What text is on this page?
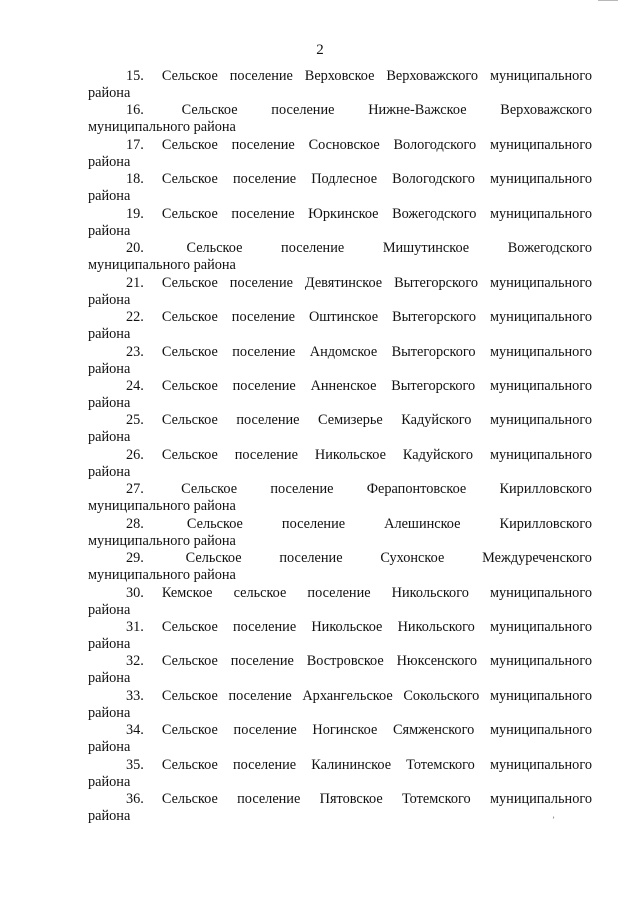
2
15. Сельское поселение Верховское Верховажского муниципального
района
16.	Сельское поселение Нижне-Важское Верховажского
муниципального района
17. Сельское поселение Сосновское Вологодского муниципального
района
18. Сельское поселение Подлесное Вологодского муниципального
района
19. Сельское поселение Юркинское Вожегодского муниципального
района
20.	Сельское	поселение	Мишутинское	Вожегодского
муниципального района
21. Сельское поселение Девятинское Вытегорского муниципального
района
22. Сельское поселение Оштинское Вытегорского муниципального
района
23. Сельское поселение Андомское Вытегорского муниципального
района
24. Сельское поселение Анненское Вытегорского муниципального
района
25. Сельское поселение Семизерье Кадуйского муниципального
района
26. Сельское поселение Никольское Кадуйского муниципального
района
27.	Сельское поселение Ферапонтовское Кирилловского
муниципального района
28.	Сельское	поселение	Алешинское	Кирилловского
муниципального района
29.	Сельское	поселение	Сухонское	Междуреченского
муниципального района
30. Кемское сельское поселение Никольского муниципального
района
31. Сельское поселение Никольское Никольского муниципального
района
32. Сельское поселение Востровское Нюксенского муниципального
района
33. Сельское поселение Архангельское Сокольского муниципального
района
34. Сельское поселение Ногинское Сямженского муниципального
района
35. Сельское поселение Калининское Тотемского муниципального
района
36. Сельское поселение Пятовское Тотемского муниципального
района	’
